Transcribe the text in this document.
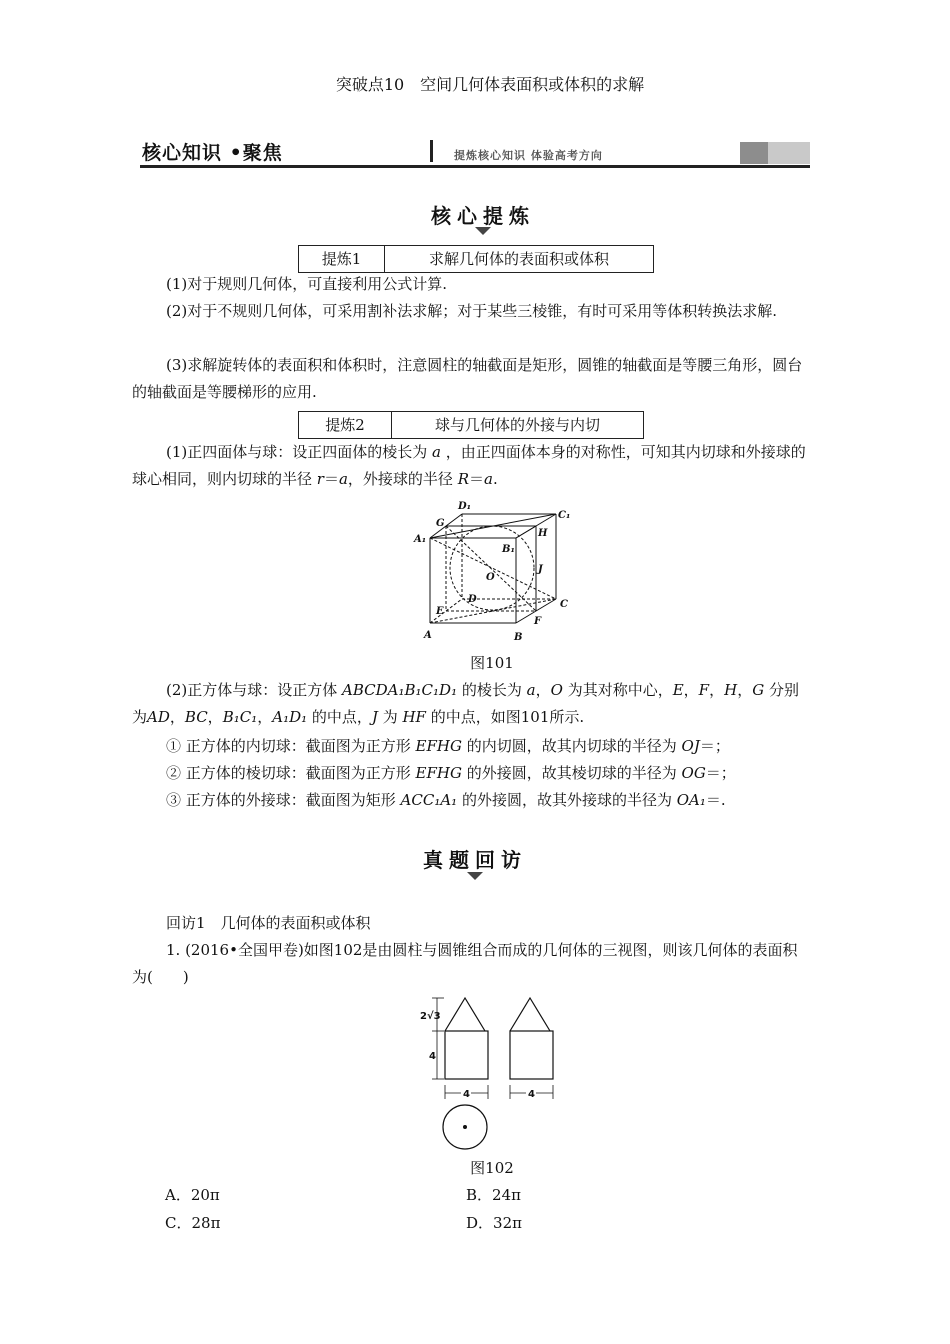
突破点10　空间几何体表面积或体积的求解
核心知识 •聚焦	提炼核心知识 体验高考方向
核心提炼
提炼1	求解几何体的表面积或体积
(1)对于规则几何体，可直接利用公式计算.
(2)对于不规则几何体，可采用割补法求解；对于某些三棱锥，有时可采用等体积转换法求解.
(3)求解旋转体的表面积和体积时，注意圆柱的轴截面是矩形，圆锥的轴截面是等腰三角形，圆台的轴截面是等腰梯形的应用.
提炼2	球与几何体的外接与内切
(1)正四面体与球：设正四面体的棱长为 a ，由正四面体本身的对称性，可知其内切球和外接球的球心相同，则内切球的半径 r＝a，外接球的半径 R＝a.
D₁
C₁
G
H
A₁
B₁
O
J
D
E
C
F
A	B
图101
(2)正方体与球：设正方体 ABCDA₁B₁C₁D₁ 的棱长为 a，O 为其对称中心，E，F，H，G 分别为AD，BC，B₁C₁，A₁D₁ 的中点，J 为 HF 的中点，如图101所示.
① 正方体的内切球：截面图为正方形 EFHG 的内切圆，故其内切球的半径为 OJ＝；
② 正方体的棱切球：截面图为正方形 EFHG 的外接圆，故其棱切球的半径为 OG＝；
③ 正方体的外接球：截面图为矩形 ACC₁A₁ 的外接圆，故其外接球的半径为 OA₁＝.
真题回访
回访1　几何体的表面积或体积
1. (2016•全国甲卷)如图102是由圆柱与圆锥组合而成的几何体的三视图，则该几何体的表面积为(　　)
2√3
4
4	4
图102
A．20π	B．24π
C．28π	D．32π
